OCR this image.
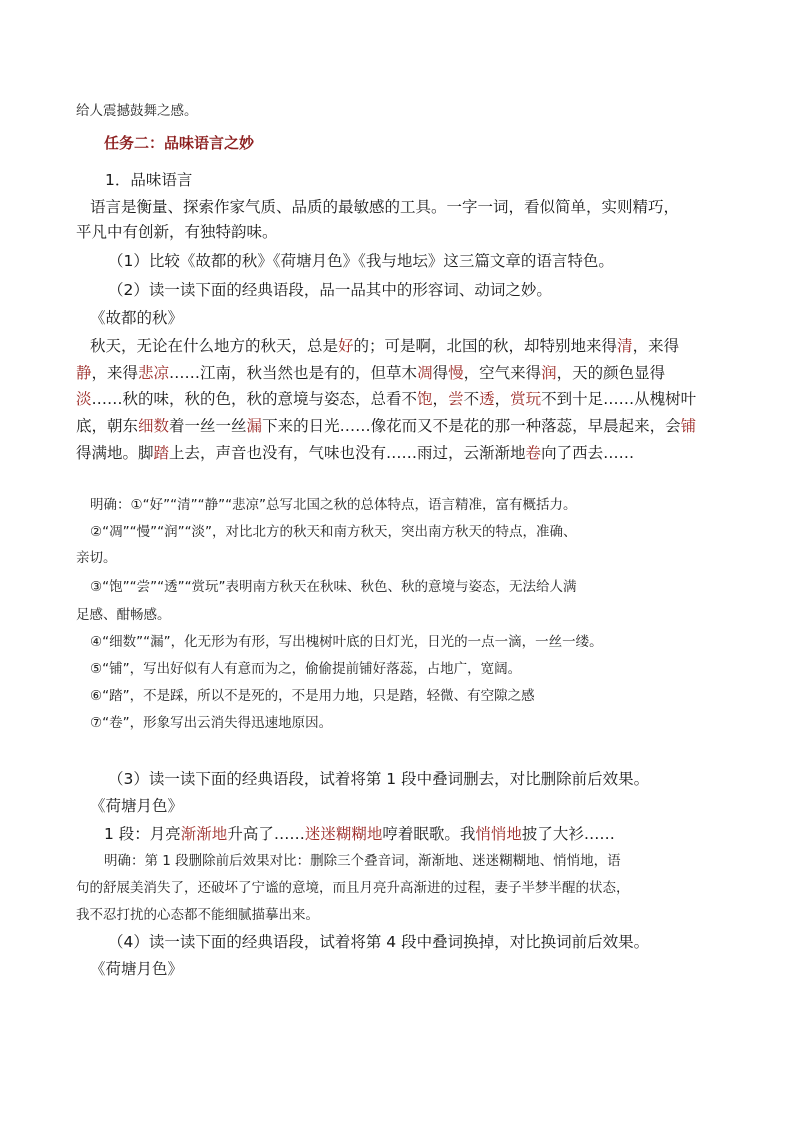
给人震撼鼓舞之感。

任务二：品味语言之妙

1．品味语言

语言是衡量、探索作家气质、品质的最敏感的工具。一字一词，看似简单，实则精巧，

平凡中有创新，有独特韵味。

（1）比较《故都的秋》《荷塘月色》《我与地坛》这三篇文章的语言特色。

（2）读一读下面的经典语段，品一品其中的形容词、动词之妙。

《故都的秋》

秋天，无论在什么地方的秋天，总是好的；可是啊，北国的秋，却特别地来得清，来得

静，来得悲凉……江南，秋当然也是有的，但草木凋得慢，空气来得润，天的颜色显得

淡……秋的味，秋的色，秋的意境与姿态，总看不饱，尝不透，赏玩不到十足……从槐树叶

底，朝东细数着一丝一丝漏下来的日光……像花而又不是花的那一种落蕊，早晨起来，会铺

得满地。脚踏上去，声音也没有，气味也没有……雨过，云渐渐地卷向了西去……

明确：①“好”“清”“静”“悲凉”总写北国之秋的总体特点，语言精准，富有概括力。

②“凋”“慢”“润”“淡”，对比北方的秋天和南方秋天，突出南方秋天的特点，准确、

亲切。

③“饱”“尝”“透”“赏玩”表明南方秋天在秋味、秋色、秋的意境与姿态，无法给人满

足感、酣畅感。

④“细数”“漏”，化无形为有形，写出槐树叶底的日灯光，日光的一点一滴，一丝一缕。

⑤“铺”，写出好似有人有意而为之，偷偷提前铺好落蕊，占地广，宽阔。

⑥“踏”，不是踩，所以不是死的，不是用力地，只是踏，轻微、有空隙之感

⑦“卷”，形象写出云消失得迅速地原因。

（3）读一读下面的经典语段，试着将第 1 段中叠词删去，对比删除前后效果。

《荷塘月色》

1 段：月亮渐渐地升高了……迷迷糊糊地哼着眠歌。我悄悄地披了大衫……

明确：第 1 段删除前后效果对比：删除三个叠音词，渐渐地、迷迷糊糊地、悄悄地，语

句的舒展美消失了，还破坏了宁谧的意境，而且月亮升高渐进的过程，妻子半梦半醒的状态，

我不忍打扰的心态都不能细腻描摹出来。

（4）读一读下面的经典语段，试着将第 4 段中叠词换掉，对比换词前后效果。

《荷塘月色》
